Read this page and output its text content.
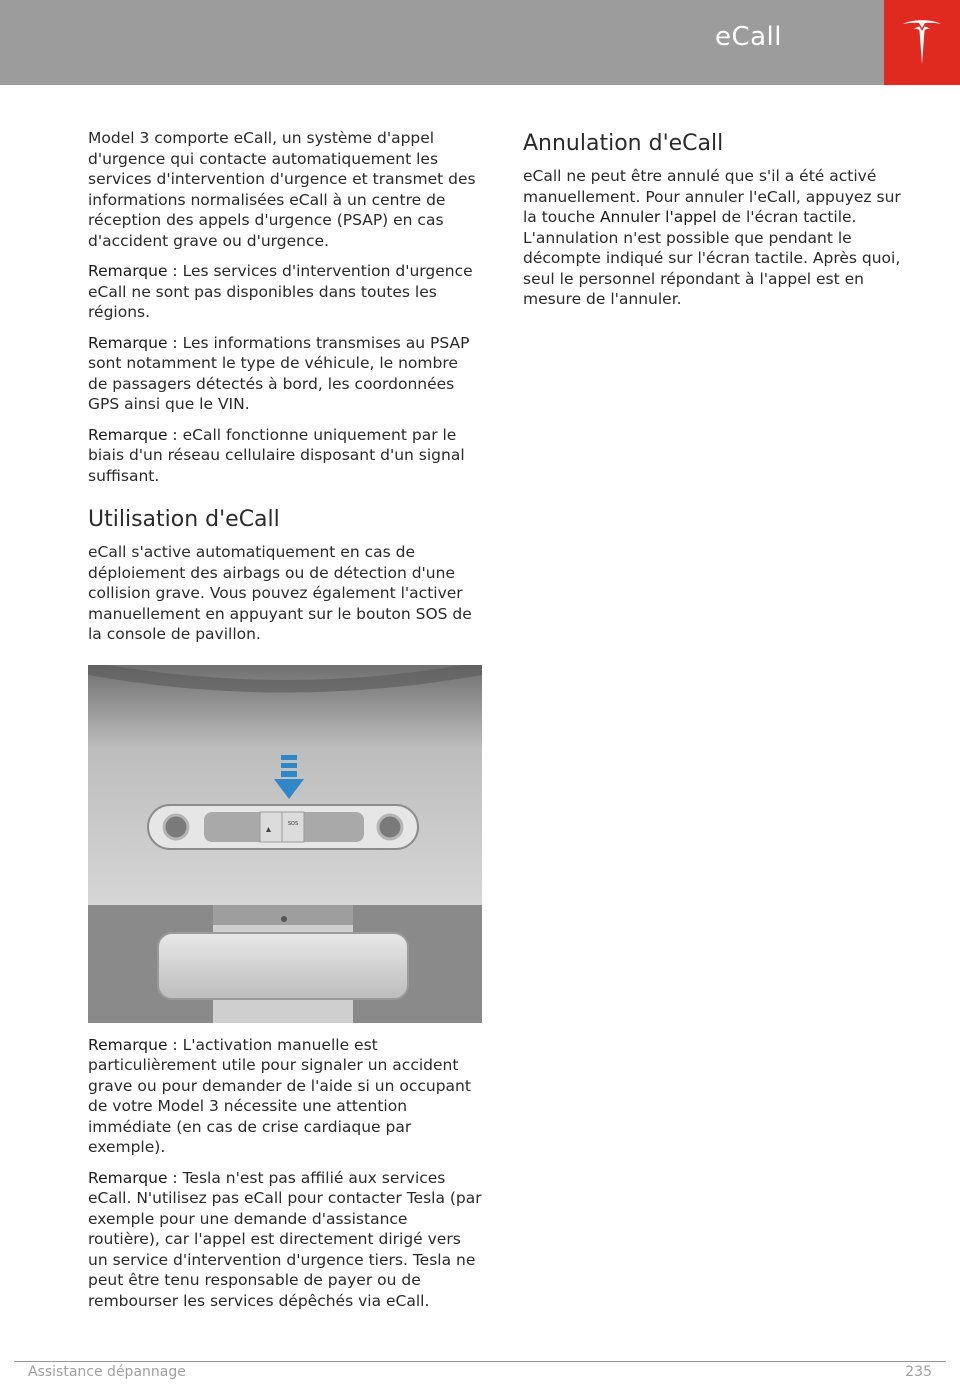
eCall

Model 3 comporte eCall, un système d'appel d'urgence qui contacte automatiquement les services d'intervention d'urgence et transmet des informations normalisées eCall à un centre de réception des appels d'urgence (PSAP) en cas d'accident grave ou d'urgence.

Remarque : Les services d'intervention d'urgence eCall ne sont pas disponibles dans toutes les régions.

Remarque : Les informations transmises au PSAP sont notamment le type de véhicule, le nombre de passagers détectés à bord, les coordonnées GPS ainsi que le VIN.

Remarque : eCall fonctionne uniquement par le biais d'un réseau cellulaire disposant d'un signal suffisant.

Utilisation d'eCall

eCall s'active automatiquement en cas de déploiement des airbags ou de détection d'une collision grave. Vous pouvez également l'activer manuellement en appuyant sur le bouton SOS de la console de pavillon.

SOS

Remarque : L'activation manuelle est particulièrement utile pour signaler un accident grave ou pour demander de l'aide si un occupant de votre Model 3 nécessite une attention immédiate (en cas de crise cardiaque par exemple).

Remarque : Tesla n'est pas affilié aux services eCall. N'utilisez pas eCall pour contacter Tesla (par exemple pour une demande d'assistance routière), car l'appel est directement dirigé vers un service d'intervention d'urgence tiers. Tesla ne peut être tenu responsable de payer ou de rembourser les services dépêchés via eCall.

Annulation d'eCall

eCall ne peut être annulé que s'il a été activé manuellement. Pour annuler l'eCall, appuyez sur la touche Annuler l'appel de l'écran tactile. L'annulation n'est possible que pendant le décompte indiqué sur l'écran tactile. Après quoi, seul le personnel répondant à l'appel est en mesure de l'annuler.

Assistance dépannage	235
